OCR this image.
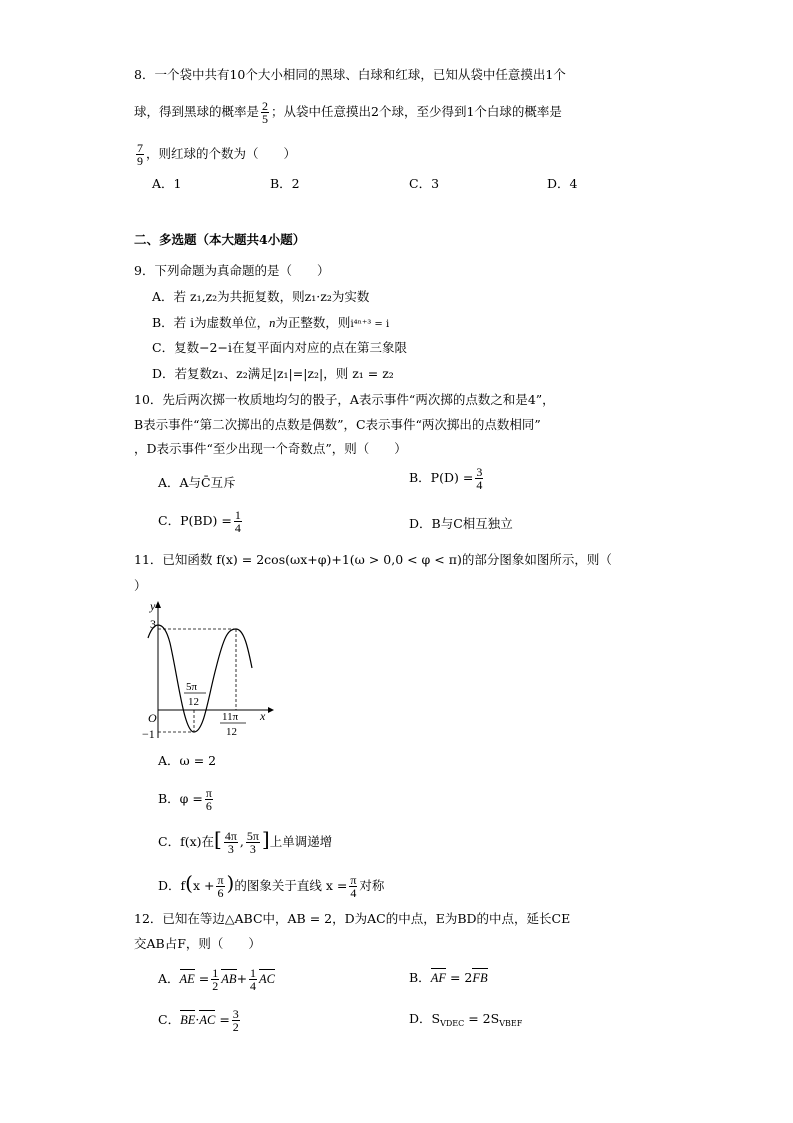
8．一个袋中共有10个大小相同的黑球、白球和红球，已知从袋中任意摸出1个
球，得到黑球的概率是 $\frac{2}{5}$ ；从袋中任意摸出2个球，至少得到1个白球的概率是
$\frac{7}{9}$ ，则红球的个数为（　　）
A．1	B．2	C．3	D．4
二、多选题（本大题共4小题）
9．下列命题为真命题的是（　　）
A．若 z₁,z₂为共扼复数，则z₁·z₂为实数
B．若 i为虚数单位，n为正整数，则i⁴ⁿ⁺³ = i
C．复数−2−i在复平面内对应的点在第三象限
D．若复数z₁、z₂满足|z₁|=|z₂|，则 z₁ = z₂
10．先后两次掷一枚质地均匀的骰子，A表示事件“两次掷的点数之和是4”，
B表示事件“第二次掷出的点数是偶数”，C表示事件“两次掷出的点数相同”
，D表示事件“至少出现一个奇数点”，则（　　）
A．A与C̄互斥	B．$P(D) = \frac{3}{4}$
C．$P(BD) = \frac{1}{4}$	D．B与C相互独立
11．已知函数 f(x) = 2cos(ωx+φ)+1(ω > 0,0 < φ < π)的部分图象如图所示，则（
）
y
x
O
3
−1
5π
12
11π
12
A．ω = 2
B．$\varphi = \frac{\pi}{6}$
C．f(x)在[ $\frac{4\pi}{3}$ , $\frac{5\pi}{3}$ ]上单调递增
D．$f(x + \frac{\pi}{6}$ )的图象关于直线 $x = \frac{\pi}{4}$ 对称
12．已知在等边△ABC中，AB = 2，D为AC的中点，E为BD的中点，延长CE
交AB占F，则（　　）
A．AE = $\frac{1}{2} AB+ \frac{1}{4}$ AC	B．AF = 2FB
C．$BE\cdot AC = \frac{3}{2}$	D．$S_{VDEC} = 2S_{VBEF}$
